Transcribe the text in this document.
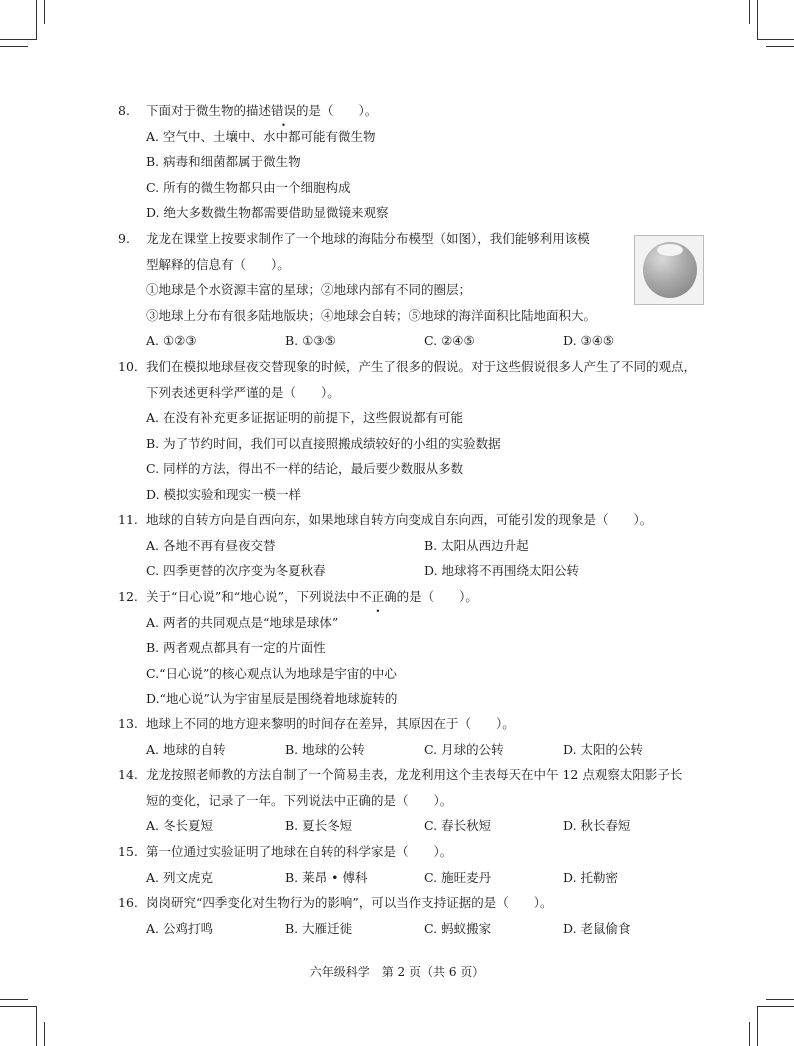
8. 下面对于微生物的描述错误的是（　　）。
A. 空气中、土壤中、水中都可能有微生物
B. 病毒和细菌都属于微生物
C. 所有的微生物都只由一个细胞构成
D. 绝大多数微生物都需要借助显微镜来观察
9. 龙龙在课堂上按要求制作了一个地球的海陆分布模型（如图），我们能够利用该模
型解释的信息有（　　）。
①地球是个水资源丰富的星球；②地球内部有不同的圈层；
③地球上分布有很多陆地版块；④地球会自转；⑤地球的海洋面积比陆地面积大。
A. ①②③	B. ①③⑤	C. ②④⑤	D. ③④⑤
10. 我们在模拟地球昼夜交替现象的时候，产生了很多的假说。对于这些假说很多人产生了不同的观点，
下列表述更科学严谨的是（　　）。
A. 在没有补充更多证据证明的前提下，这些假说都有可能
B. 为了节约时间，我们可以直接照搬成绩较好的小组的实验数据
C. 同样的方法，得出不一样的结论，最后要少数服从多数
D. 模拟实验和现实一模一样
11. 地球的自转方向是自西向东，如果地球自转方向变成自东向西，可能引发的现象是（　　）。
A. 各地不再有昼夜交替	B. 太阳从西边升起
C. 四季更替的次序变为冬夏秋春	D. 地球将不再围绕太阳公转
12. 关于“日心说”和“地心说”，下列说法中不正确的是（　　）。
A. 两者的共同观点是“地球是球体”
B. 两者观点都具有一定的片面性
C.“日心说”的核心观点认为地球是宇宙的中心
D.“地心说”认为宇宙星辰是围绕着地球旋转的
13. 地球上不同的地方迎来黎明的时间存在差异，其原因在于（　　）。
A. 地球的自转	B. 地球的公转	C. 月球的公转	D. 太阳的公转
14. 龙龙按照老师教的方法自制了一个简易圭表，龙龙利用这个圭表每天在中午 12 点观察太阳影子长
短的变化，记录了一年。下列说法中正确的是（　　）。
A. 冬长夏短	B. 夏长冬短	C. 春长秋短	D. 秋长春短
15. 第一位通过实验证明了地球在自转的科学家是（　　）。
A. 列文虎克	B. 莱昂 • 傅科	C. 施旺麦丹	D. 托勒密
16. 岗岗研究“四季变化对生物行为的影响”，可以当作支持证据的是（　　）。
A. 公鸡打鸣	B. 大雁迁徙	C. 蚂蚁搬家	D. 老鼠偷食
六年级科学　第 2 页（共 6 页）
